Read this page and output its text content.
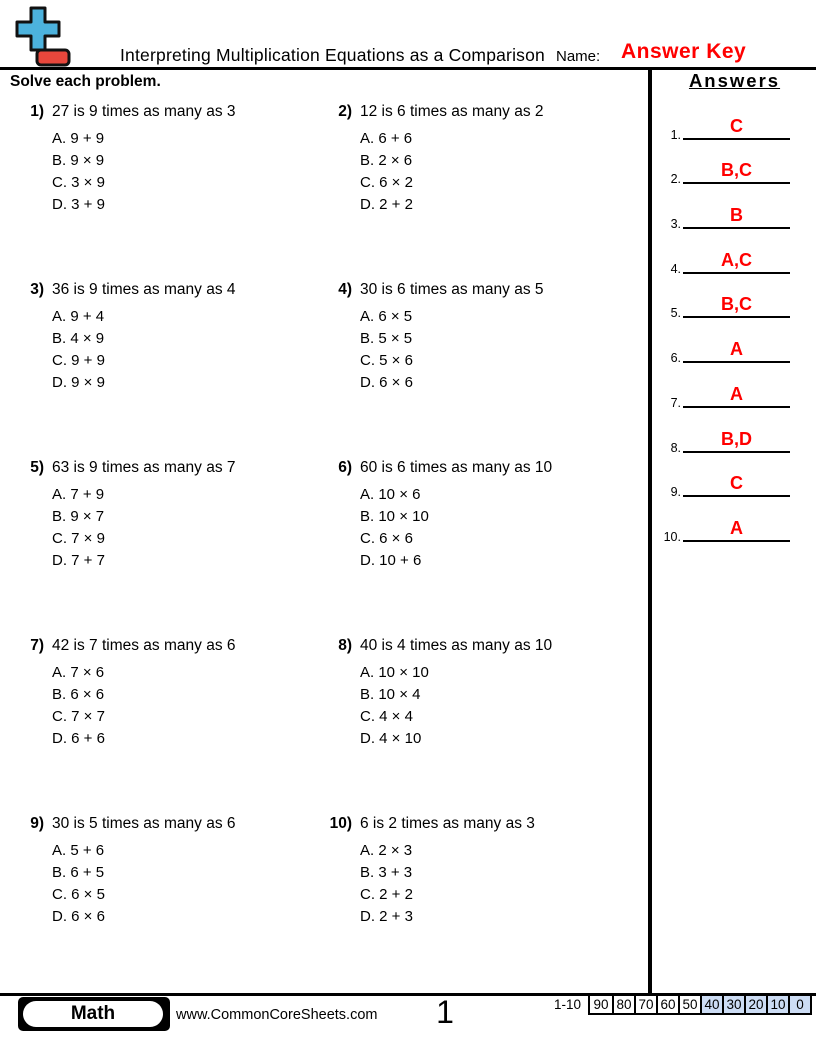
Interpreting Multiplication Equations as a Comparison Name: Answer Key
Solve each problem.
1) 27 is 9 times as many as 3
A. 9 + 9
B. 9 × 9
C. 3 × 9
D. 3 + 9
2) 12 is 6 times as many as 2
A. 6 + 6
B. 2 × 6
C. 6 × 2
D. 2 + 2
3) 36 is 9 times as many as 4
A. 9 + 4
B. 4 × 9
C. 9 + 9
D. 9 × 9
4) 30 is 6 times as many as 5
A. 6 × 5
B. 5 × 5
C. 5 × 6
D. 6 × 6
5) 63 is 9 times as many as 7
A. 7 + 9
B. 9 × 7
C. 7 × 9
D. 7 + 7
6) 60 is 6 times as many as 10
A. 10 × 6
B. 10 × 10
C. 6 × 6
D. 10 + 6
7) 42 is 7 times as many as 6
A. 7 × 6
B. 6 × 6
C. 7 × 7
D. 6 + 6
8) 40 is 4 times as many as 10
A. 10 × 10
B. 10 × 4
C. 4 × 4
D. 4 × 10
9) 30 is 5 times as many as 6
A. 5 + 6
B. 6 + 5
C. 6 × 5
D. 6 × 6
10) 6 is 2 times as many as 3
A. 2 × 3
B. 3 + 3
C. 2 + 2
D. 2 + 3
Answers
1.	C
2.	B,C
3.	B
4.	A,C
5.	B,C
6.	A
7.	A
8.	B,D
9.	C
10.	A
Math	www.CommonCoreSheets.com	1	1-10 90 80 70 60 50 40 30 20 10 0
